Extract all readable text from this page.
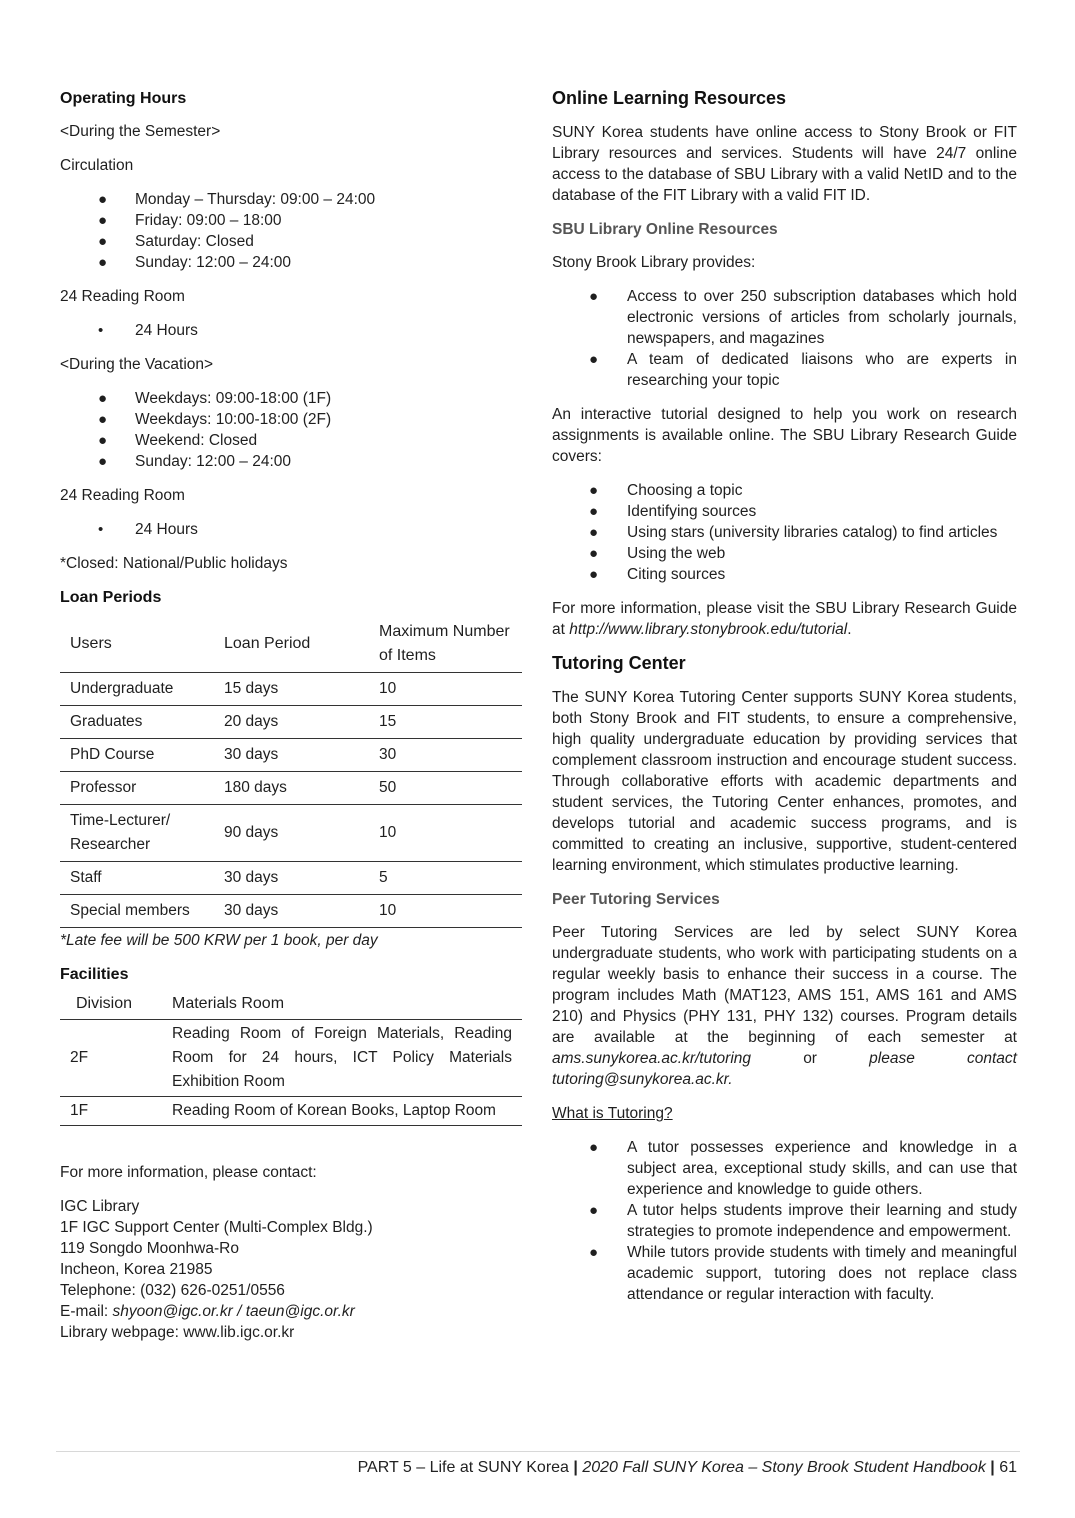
Operating Hours

<During the Semester>

Circulation

● Monday – Thursday: 09:00 – 24:00
● Friday: 09:00 – 18:00
● Saturday: Closed
● Sunday: 12:00 – 24:00

24 Reading Room

• 24 Hours

<During the Vacation>

● Weekdays: 09:00-18:00 (1F)
● Weekdays: 10:00-18:00 (2F)
● Weekend: Closed
● Sunday: 12:00 – 24:00

24 Reading Room

• 24 Hours

*Closed: National/Public holidays

Loan Periods

Users	Loan Period	Maximum Number of Items
Undergraduate	15 days	10
Graduates	20 days	15
PhD Course	30 days	30
Professor	180 days	50
Time-Lecturer/ Researcher	90 days	10
Staff	30 days	5
Special members	30 days	10

*Late fee will be 500 KRW per 1 book, per day

Facilities

Division	Materials Room
2F	Reading Room of Foreign Materials, Reading Room for 24 hours, ICT Policy Materials Exhibition Room
1F	Reading Room of Korean Books, Laptop Room

For more information, please contact:

IGC Library

1F IGC Support Center (Multi-Complex Bldg.)

119 Songdo Moonhwa-Ro

Incheon, Korea 21985

Telephone: (032) 626-0251/0556

E-mail: shyoon@igc.or.kr / taeun@igc.or.kr

Library webpage: www.lib.igc.or.kr

Online Learning Resources

SUNY Korea students have online access to Stony Brook or FIT Library resources and services. Students will have 24/7 online access to the database of SBU Library with a valid NetID and to the database of the FIT Library with a valid FIT ID.

SBU Library Online Resources

Stony Brook Library provides:

● Access to over 250 subscription databases which hold electronic versions of articles from scholarly journals, newspapers, and magazines
● A team of dedicated liaisons who are experts in researching your topic

An interactive tutorial designed to help you work on research assignments is available online. The SBU Library Research Guide covers:

● Choosing a topic
● Identifying sources
● Using stars (university libraries catalog) to find articles
● Using the web
● Citing sources

For more information, please visit the SBU Library Research Guide at http://www.library.stonybrook.edu/tutorial.

Tutoring Center

The SUNY Korea Tutoring Center supports SUNY Korea students, both Stony Brook and FIT students, to ensure a comprehensive, high quality undergraduate education by providing services that complement classroom instruction and encourage student success. Through collaborative efforts with academic departments and student services, the Tutoring Center enhances, promotes, and develops tutorial and academic success programs, and is committed to creating an inclusive, supportive, student-centered learning environment, which stimulates productive learning.

Peer Tutoring Services

Peer Tutoring Services are led by select SUNY Korea undergraduate students, who work with participating students on a regular weekly basis to enhance their success in a course. The program includes Math (MAT123, AMS 151, AMS 161 and AMS 210) and Physics (PHY 131, PHY 132) courses. Program details are available at the beginning of each semester at ams.sunykorea.ac.kr/tutoring or please contact tutoring@sunykorea.ac.kr.

What is Tutoring?

● A tutor possesses experience and knowledge in a subject area, exceptional study skills, and can use that experience and knowledge to guide others.
● A tutor helps students improve their learning and study strategies to promote independence and empowerment.
● While tutors provide students with timely and meaningful academic support, tutoring does not replace class attendance or regular interaction with faculty.
PART 5 – Life at SUNY Korea | 2020 Fall SUNY Korea – Stony Brook Student Handbook | 61
